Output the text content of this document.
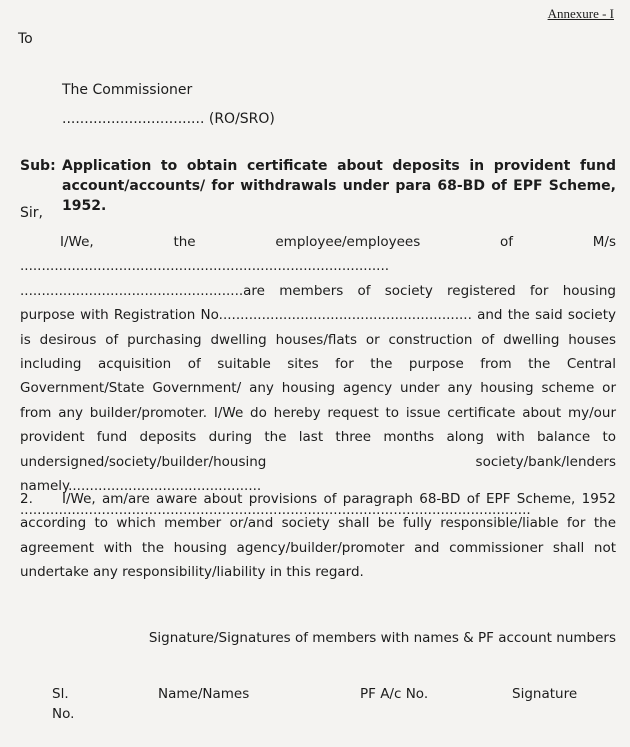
Annexure - I
To
The Commissioner
................................ (RO/SRO)
Sub: Application to obtain certificate about deposits in provident fund account/accounts/ for withdrawals under para 68-BD of EPF Scheme, 1952.
Sir,
I/We, the employee/employees of M/s ...................................................................................... ....................................................are members of society registered for housing purpose with Registration No........................................................... and the said society is desirous of purchasing dwelling houses/flats or construction of dwelling houses including acquisition of suitable sites for the purpose from the Central Government/State Government/ any housing agency under any housing scheme or from any builder/promoter. I/We do hereby request to issue certificate about my/our provident fund deposits during the last three months along with balance to undersigned/society/builder/housing society/bank/lenders namely............................................. .......................................................................................................................
2. I/We, am/are aware about provisions of paragraph 68-BD of EPF Scheme, 1952 according to which member or/and society shall be fully responsible/liable for the agreement with the housing agency/builder/promoter and commissioner shall not undertake any responsibility/liability in this regard.
Signature/Signatures of members with names & PF account numbers
Sl. No.
Name/Names	PF A/c No.	Signature
